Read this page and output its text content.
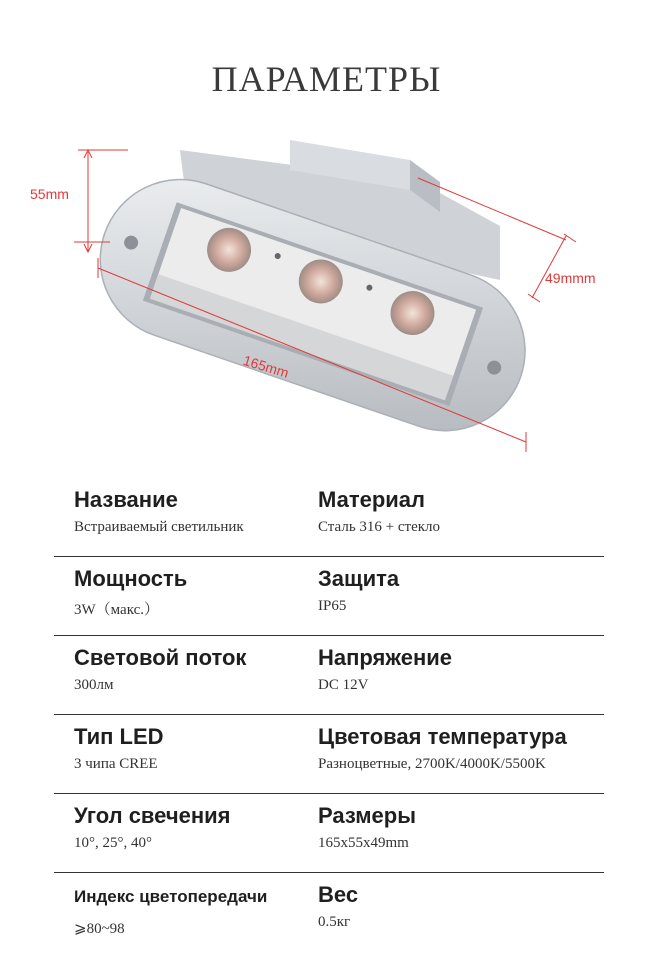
ПАРАМЕТРЫ
55mm
49mmm
165mm
Название
Встраиваемый светильник
Материал
Сталь 316 + стекло
Мощность
3W（макс.）
Защита
IP65
Световой поток
300лм
Напряжение
DC 12V
Тип LED
3 чипа CREE
Цветовая температура
Разноцветные, 2700K/4000K/5500K
Угол свечения
10°, 25°, 40°
Размеры
165x55x49mm
Индекс цветопередачи
⩾80~98
Вес
0.5кг
